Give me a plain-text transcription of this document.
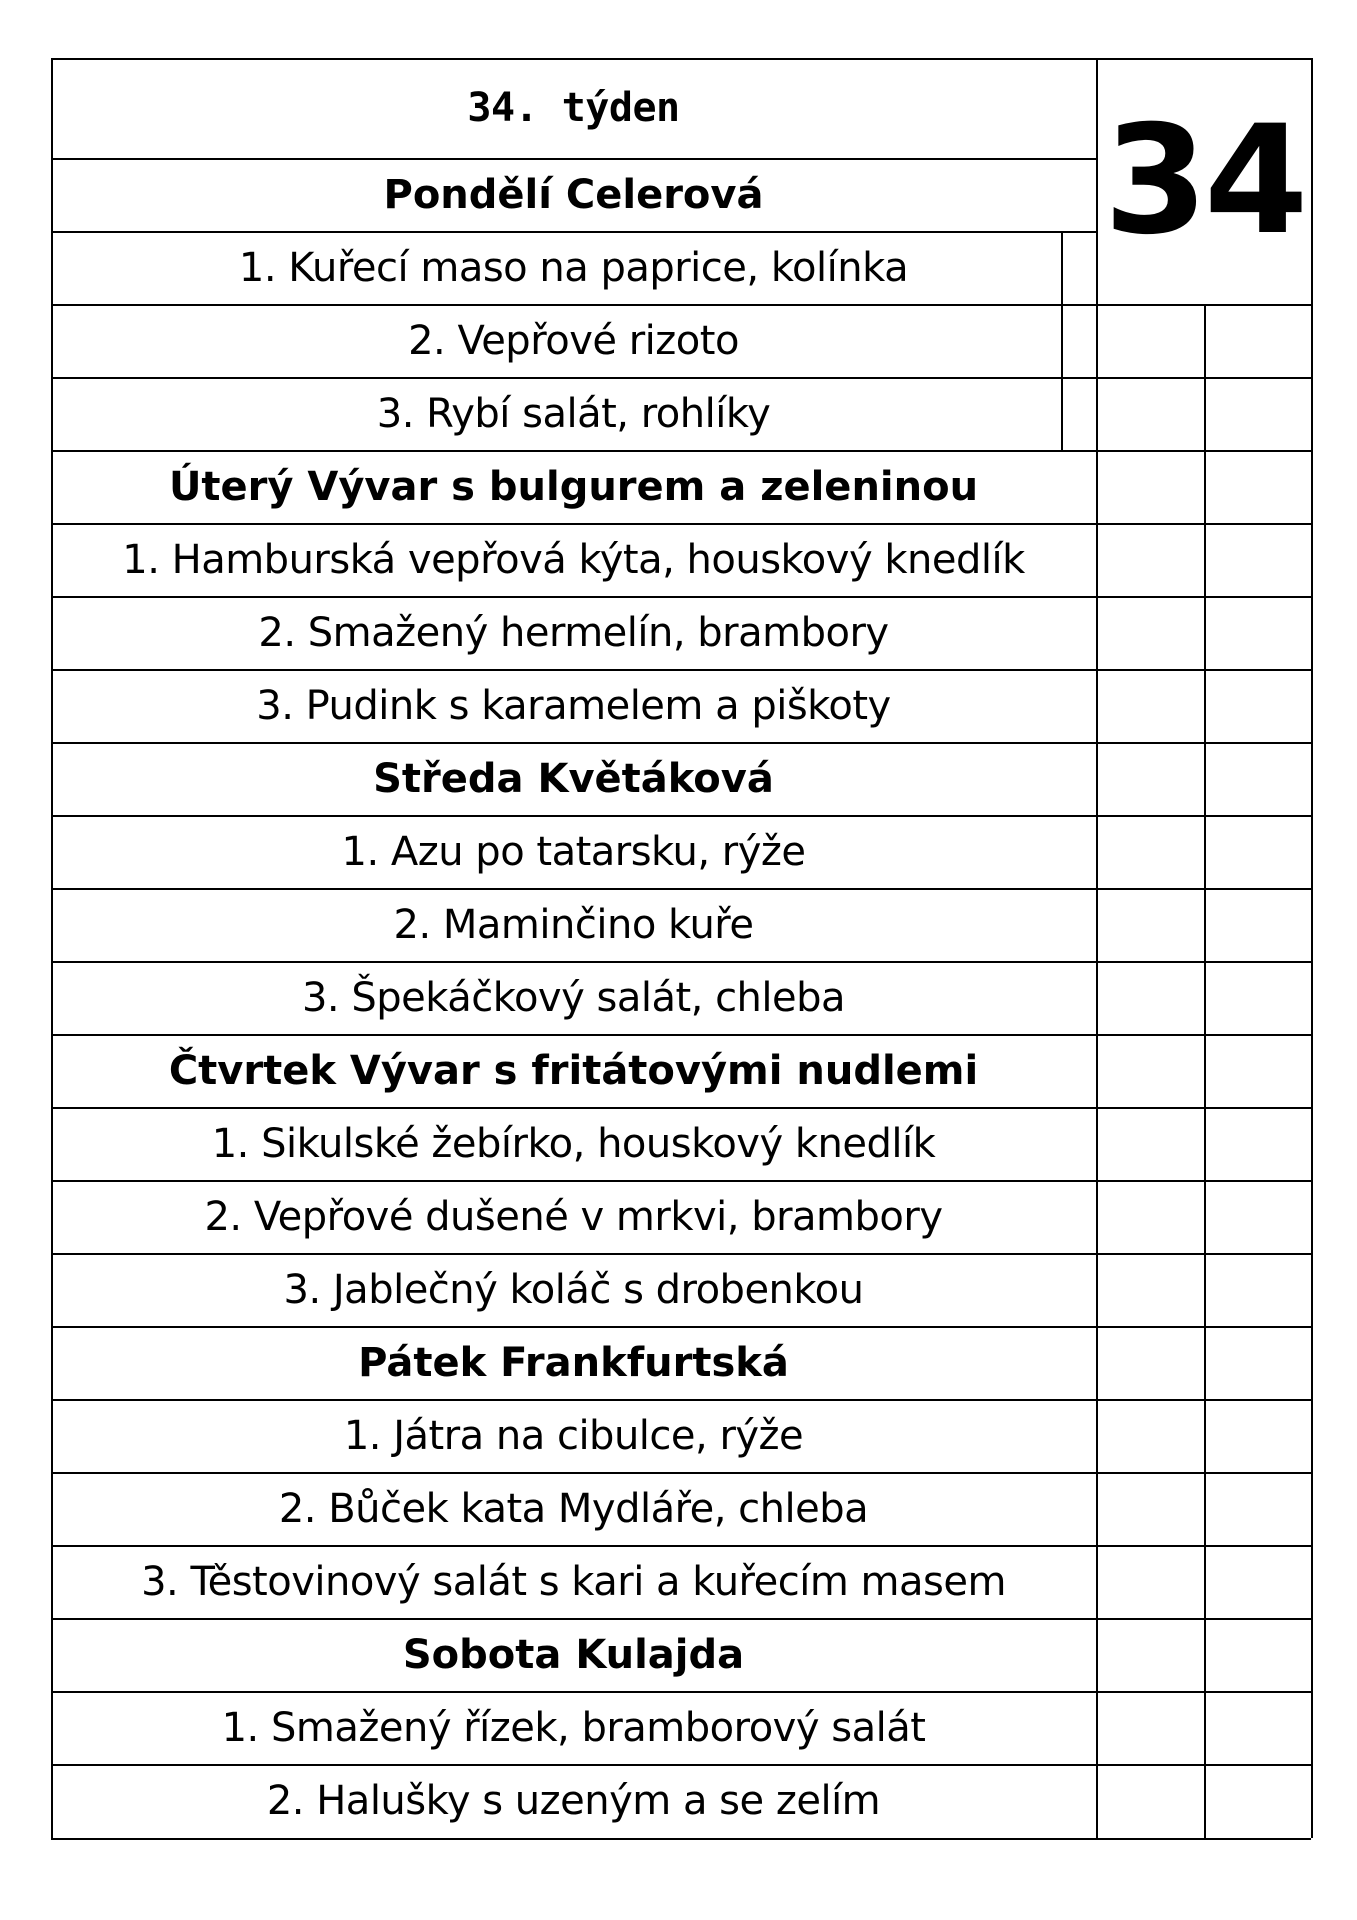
34. týden	34
Pondělí Celerová
1. Kuřecí maso na paprice, kolínka
2. Vepřové rizoto
3. Rybí salát, rohlíky
Úterý Vývar s bulgurem a zeleninou
1. Hamburská vepřová kýta, houskový knedlík
2. Smažený hermelín, brambory
3. Pudink s karamelem a piškoty
Středa Květáková
1. Azu po tatarsku, rýže
2. Maminčino kuře
3. Špekáčkový salát, chleba
Čtvrtek Vývar s fritátovými nudlemi
1. Sikulské žebírko, houskový knedlík
2. Vepřové dušené v mrkvi, brambory
3. Jablečný koláč s drobenkou
Pátek Frankfurtská
1. Játra na cibulce, rýže
2. Bůček kata Mydláře, chleba
3. Těstovinový salát s kari a kuřecím masem
Sobota Kulajda
1. Smažený řízek, bramborový salát
2. Halušky s uzeným a se zelím
